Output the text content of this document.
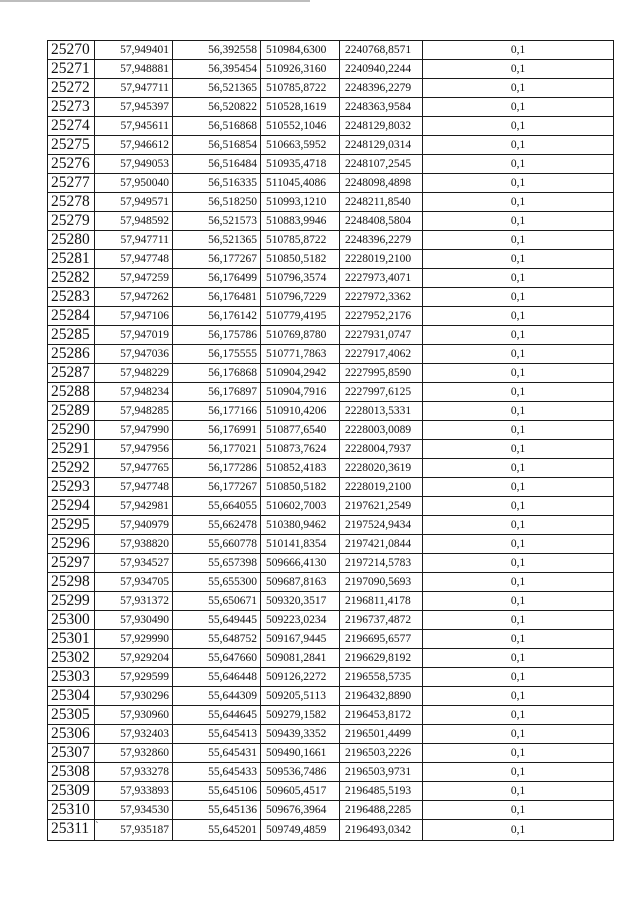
25270	57,949401	56,392558	510984,6300	2240768,8571	0,1
25271	57,948881	56,395454	510926,3160	2240940,2244	0,1
25272	57,947711	56,521365	510785,8722	2248396,2279	0,1
25273	57,945397	56,520822	510528,1619	2248363,9584	0,1
25274	57,945611	56,516868	510552,1046	2248129,8032	0,1
25275	57,946612	56,516854	510663,5952	2248129,0314	0,1
25276	57,949053	56,516484	510935,4718	2248107,2545	0,1
25277	57,950040	56,516335	511045,4086	2248098,4898	0,1
25278	57,949571	56,518250	510993,1210	2248211,8540	0,1
25279	57,948592	56,521573	510883,9946	2248408,5804	0,1
25280	57,947711	56,521365	510785,8722	2248396,2279	0,1
25281	57,947748	56,177267	510850,5182	2228019,2100	0,1
25282	57,947259	56,176499	510796,3574	2227973,4071	0,1
25283	57,947262	56,176481	510796,7229	2227972,3362	0,1
25284	57,947106	56,176142	510779,4195	2227952,2176	0,1
25285	57,947019	56,175786	510769,8780	2227931,0747	0,1
25286	57,947036	56,175555	510771,7863	2227917,4062	0,1
25287	57,948229	56,176868	510904,2942	2227995,8590	0,1
25288	57,948234	56,176897	510904,7916	2227997,6125	0,1
25289	57,948285	56,177166	510910,4206	2228013,5331	0,1
25290	57,947990	56,176991	510877,6540	2228003,0089	0,1
25291	57,947956	56,177021	510873,7624	2228004,7937	0,1
25292	57,947765	56,177286	510852,4183	2228020,3619	0,1
25293	57,947748	56,177267	510850,5182	2228019,2100	0,1
25294	57,942981	55,664055	510602,7003	2197621,2549	0,1
25295	57,940979	55,662478	510380,9462	2197524,9434	0,1
25296	57,938820	55,660778	510141,8354	2197421,0844	0,1
25297	57,934527	55,657398	509666,4130	2197214,5783	0,1
25298	57,934705	55,655300	509687,8163	2197090,5693	0,1
25299	57,931372	55,650671	509320,3517	2196811,4178	0,1
25300	57,930490	55,649445	509223,0234	2196737,4872	0,1
25301	57,929990	55,648752	509167,9445	2196695,6577	0,1
25302	57,929204	55,647660	509081,2841	2196629,8192	0,1
25303	57,929599	55,646448	509126,2272	2196558,5735	0,1
25304	57,930296	55,644309	509205,5113	2196432,8890	0,1
25305	57,930960	55,644645	509279,1582	2196453,8172	0,1
25306	57,932403	55,645413	509439,3352	2196501,4499	0,1
25307	57,932860	55,645431	509490,1661	2196503,2226	0,1
25308	57,933278	55,645433	509536,7486	2196503,9731	0,1
25309	57,933893	55,645106	509605,4517	2196485,5193	0,1
25310	57,934530	55,645136	509676,3964	2196488,2285	0,1
25311 `	57,935187	55,645201	509749,4859	2196493,0342	0,1
